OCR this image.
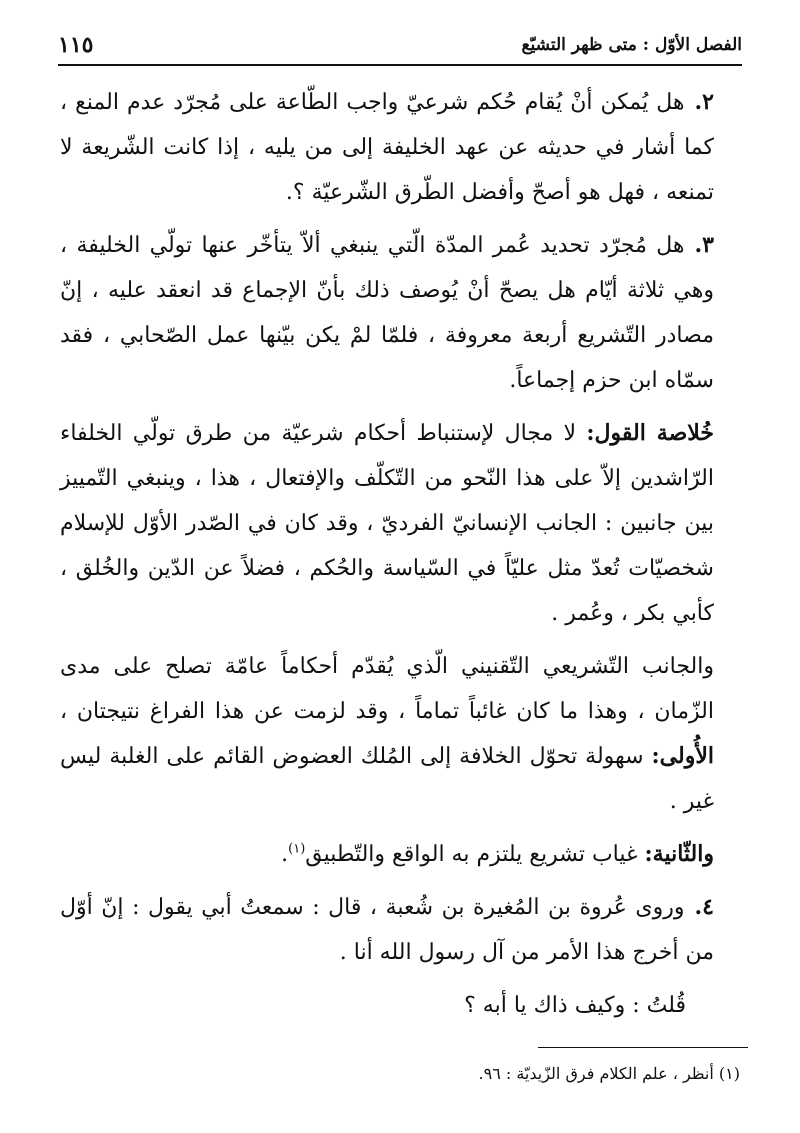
الفصل الأوّل : متى ظهر التشيّع
١١٥

٢.هل يُمكن أنْ يُقام حُكم شرعيّ واجب الطّاعة على مُجرّد عدم المنع ، كما أشار في حديثه عن عهد الخليفة إلى من يليه ، إذا كانت الشّريعة لا تمنعه ، فهل هو أصحّ وأفضل الطّرق الشّرعيّة ؟.

٣.هل مُجرّد تحديد عُمر المدّة الّتي ينبغي ألاّ يتأخّر عنها تولّي الخليفة ، وهي ثلاثة أيّام هل يصحّ أنْ يُوصف ذلك بأنّ الإجماع قد انعقد عليه ، إنّ مصادر التّشريع أربعة معروفة ، فلمّا لمْ يكن بيّنها عمل الصّحابي ، فقد سمّاه ابن حزم إجماعاً.

خُلاصة القول: لا مجال لإستنباط أحكام شرعيّة من طرق تولّي الخلفاء الرّاشدين إلاّ على هذا النّحو من التّكلّف والإفتعال ، هذا ، وينبغي التّمييز بين جانبين : الجانب الإنسانيّ الفرديّ ، وقد كان في الصّدر الأوّل للإسلام شخصيّات تُعدّ مثل عليّاً في السّياسة والحُكم ، فضلاً عن الدّين والخُلق ، كأبي بكر ، وعُمر .

والجانب التّشريعي التّقنيني الّذي يُقدّم أحكاماً عامّة تصلح على مدى الزّمان ، وهذا ما كان غائباً تماماً ، وقد لزمت عن هذا الفراغ نتيجتان ، الأُولى: سهولة تحوّل الخلافة إلى المُلك العضوض القائم على الغلبة ليس غير .

والثّانية: غياب تشريع يلتزم به الواقع والتّطبيق$^{(١)}$.

٤.وروى عُروة بن المُغيرة بن شُعبة ، قال : سمعتُ أبي يقول : إنّ أوّل من أخرج هذا الأمر من آل رسول الله أنا .

قُلتُ : وكيف ذاك يا أبه ؟

(١) أنظر ، علم الكلام فرق الزّيديّة : ٩٦.
